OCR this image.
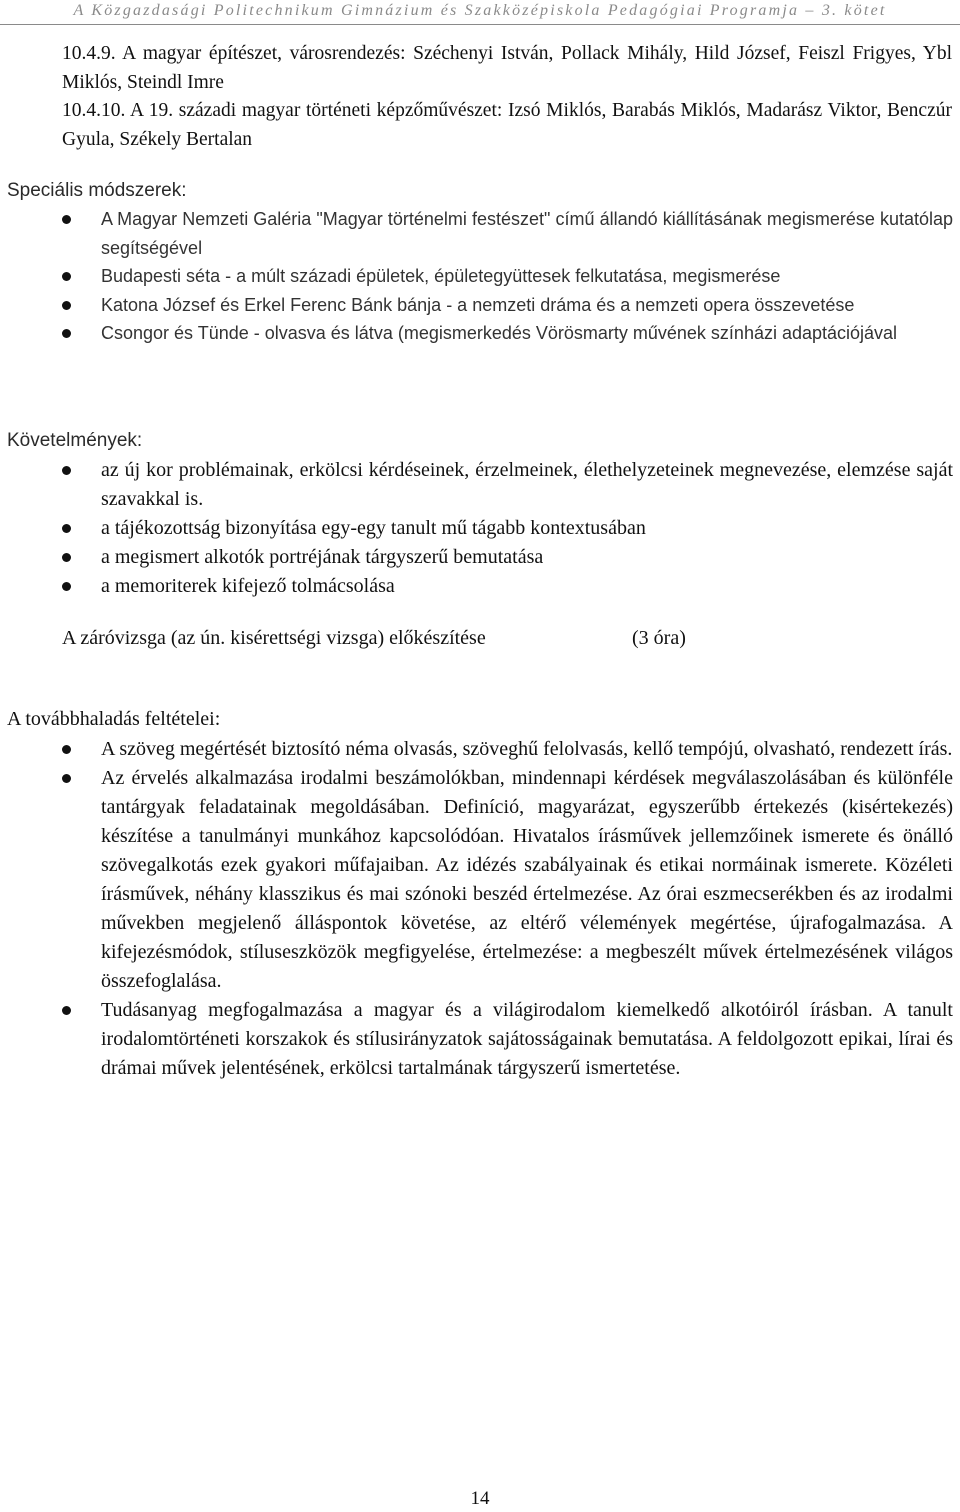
A Közgazdasági Politechnikum Gimnázium és Szakközépiskola Pedagógiai Programja – 3. kötet
10.4.9. A magyar építészet, városrendezés: Széchenyi István, Pollack Mihály, Hild József, Feiszl Frigyes, Ybl Miklós, Steindl Imre
10.4.10. A 19. századi magyar történeti képzőművészet: Izsó Miklós, Barabás Miklós, Madarász Viktor, Benczúr Gyula, Székely Bertalan
Speciális módszerek:
A Magyar Nemzeti Galéria "Magyar történelmi festészet" című állandó kiállításának megismerése kutatólap segítségével
Budapesti séta - a múlt századi épületek, épületegyüttesek felkutatása, megismerése
Katona József és Erkel Ferenc Bánk bánja - a nemzeti dráma és a nemzeti opera összevetése
Csongor és Tünde - olvasva és látva (megismerkedés Vörösmarty művének színházi adaptációjával
Követelmények:
az új kor problémainak, erkölcsi kérdéseinek, érzelmeinek, élethelyzeteinek megnevezése, elemzése saját szavakkal is.
a tájékozottság bizonyítása egy-egy tanult mű tágabb kontextusában
a megismert alkotók portréjának tárgyszerű bemutatása
a memoriterek kifejező tolmácsolása
A záróvizsga (az ún. kisérettségi vizsga) előkészítése	(3 óra)
A továbbhaladás feltételei:
A szöveg megértését biztosító néma olvasás, szöveghű felolvasás, kellő tempójú, olvasható, rendezett írás.
Az érvelés alkalmazása irodalmi beszámolókban, mindennapi kérdések megválaszolásában és különféle tantárgyak feladatainak megoldásában. Definíció, magyarázat, egyszerűbb értekezés (kisértekezés) készítése a tanulmányi munkához kapcsolódóan. Hivatalos írásművek jellemzőinek ismerete és önálló szövegalkotás ezek gyakori műfajaiban. Az idézés szabályainak és etikai normáinak ismerete. Közéleti írásművek, néhány klasszikus és mai szónoki beszéd értelmezése. Az órai eszmecserékben és az irodalmi művekben megjelenő álláspontok követése, az eltérő vélemények megértése, újrafogalmazása. A kifejezésmódok, stíluseszközök megfigyelése, értelmezése: a megbeszélt művek értelmezésének világos összefoglalása.
Tudásanyag megfogalmazása a magyar és a világirodalom kiemelkedő alkotóiról írásban. A tanult irodalomtörténeti korszakok és stílusirányzatok sajátosságainak bemutatása. A feldolgozott epikai, lírai és drámai művek jelentésének, erkölcsi tartalmának tárgyszerű ismertetése.
14
